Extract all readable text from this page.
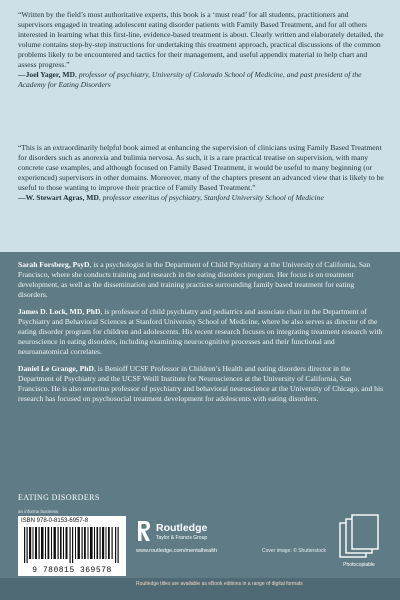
“Written by the field’s most authoritative experts, this book is a ‘must read’ for all students, practitioners and supervisors engaged in treating adolescent eating disorder patients with Family Based Treatment, and for all others interested in learning what this first-line, evidence-based treatment is about. Clearly written and elaborately detailed, the volume contains step-by-step instructions for undertaking this treatment approach, practical discussions of the common problems likely to be encountered and tactics for their management, and useful appendix material to help chart and assess progress.”
—Joel Yager, MD, professor of psychiatry, University of Colorado School of Medicine, and past president of the Academy for Eating Disorders

“This is an extraordinarily helpful book aimed at enhancing the supervision of clinicians using Family Based Treatment for disorders such as anorexia and bulimia nervosa. As such, it is a rare practical treatise on supervision, with many concrete case examples, and although focused on Family Based Treatment, it would be useful to many beginning (or experienced) supervisors in other domains. Moreover, many of the chapters present an advanced view that is likely to be useful to those wanting to improve their practice of Family Based Treatment.”
—W. Stewart Agras, MD, professor emeritus of psychiatry, Stanford University School of Medicine

Sarah Forsberg, PsyD, is a psychologist in the Department of Child Psychiatry at the University of California, San Francisco, where she conducts training and research in the eating disorders program. Her focus is on treatment development, as well as the dissemination and training practices surrounding family based treatment for eating disorders.

James D. Lock, MD, PhD, is professor of child psychiatry and pediatrics and associate chair in the Department of Psychiatry and Behavioral Sciences at Stanford University School of Medicine, where he also serves as director of the eating disorder program for children and adolescents. His recent research focuses on integrating treatment research with neuroscience in eating disorders, including examining neurocognitive processes and their functional and neuroanatomical correlates.

Daniel Le Grange, PhD, is Benioff UCSF Professor in Children’s Health and eating disorders director in the Department of Psychiatry and the UCSF Weill Institute for Neurosciences at the University of California, San Francisco. He is also emeritus professor of psychiatry and behavioral neuroscience at the University of Chicago, and his research has focused on psychosocial treatment development for adolescents with eating disorders.

EATING DISORDERS
an informa business
ISBN 978-0-8153-6957-8
9 780815 369578
Routledge
Taylor & Francis Group
www.routledge.com/mentalhealth	Cover image: © Shutterstock
Photocopiable
Routledge titles are available as eBook editions in a range of digital formats
